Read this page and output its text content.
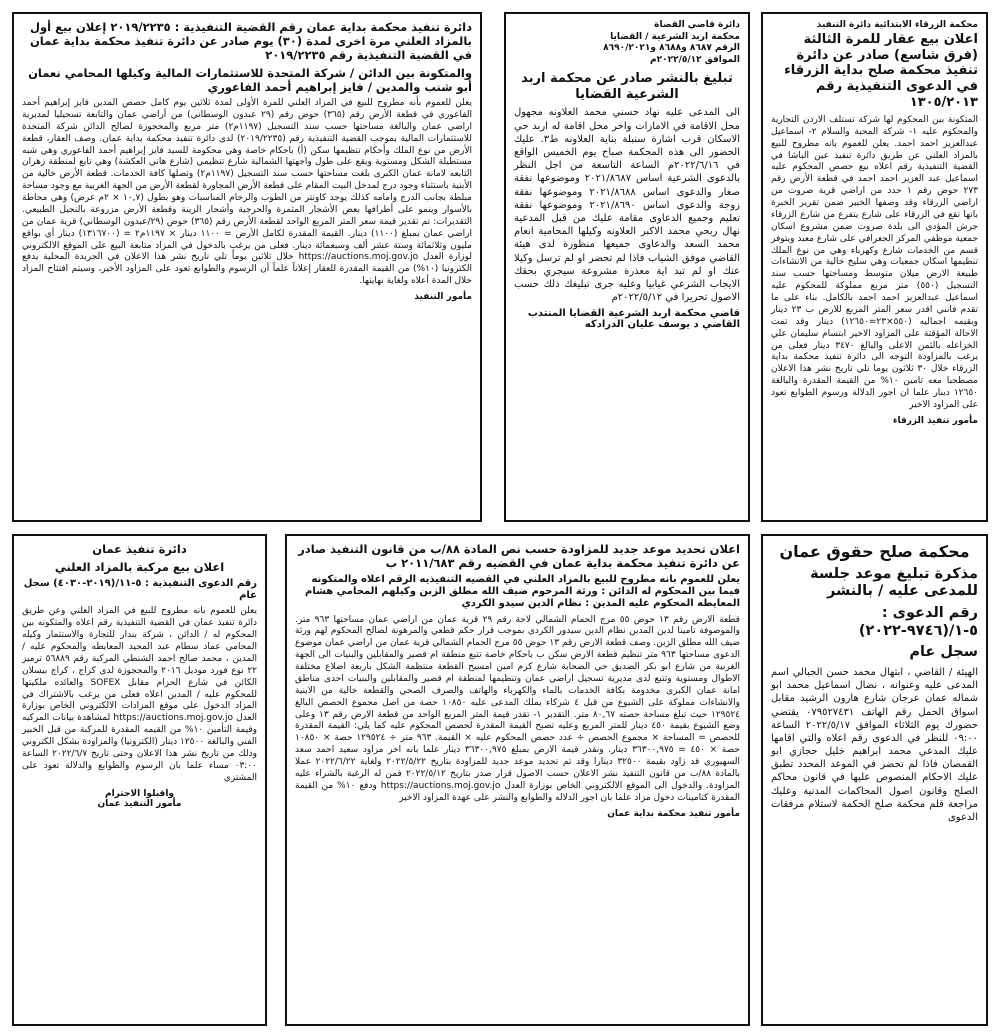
محكمة الزرقاء الابتدائية دائرة التنفيذ
اعلان بيع عقار للمرة الثالثة (فرق شاسع) صادر عن دائرة تنفيذ محكمة صلح بداية الزرقاء في الدعوى التنفيذية رقم ١٣٠٥/٢٠١٣

المتكونة بين المحكوم لها شركة تستلف الاردن التجارية والمحكوم عليه ١- شركة المحبة والسلام ٢- اسماعيل عبدالعزيز احمد احمد. يعلن للعموم بانه مطروح للبيع بالمزاد العلني عن طريق دائرة تنفيذ عين الباشا في القضية التنفيذية رقم اعلاه بيع حصص المحكوم عليه اسماعيل عبد العزيز احمد احمد في قطعة الأرض رقم ٢٧٣ حوض رقم ١ حدد من اراضي قرية صروت من اراضي الزرقاء وقد وصفها الخبير ضمن تقرير الخبرة بانها تقع في الزرقاء على شارع يتفرع من شارع الزرقاء جرش المؤدي الى بلدة صروت ضمن مشروع اسكان جمعية موظفي المركز الجغرافي على شارع معبد ويتوفر قسم من الخدمات شارع وكهرباء وهي من نوع الملك تنظيمها اسكان جمعيات وهي سليخ خالية من الانشاءات طبيعة الارض ميلان متوسط ومساحتها حسب سند التسجيل (٥٥٠) متر مربع مملوكة للمحكوم عليه اسماعيل عبدالعزيز احمد احمد بالكامل. بناء على ما تقدم فانني اقدر سعر المتر المربع للارض ب ٢٣ دينار وبقيمه اجماليه (٥٥٠×٢٣=١٢٦٥٠) دينار وقد تمت الاحالة المؤقتة على المزاود الاخير ابتسام سليمان علي الخزاعله بالثمن الاعلى والبالغ ٣٤٧٠ دينار فعلى من يرغب بالمزاودة التوجه الى دائرة تنفيذ محكمة بداية الزرقاء خلال ٣٠ ثلاثون يوما تلي تاريخ نشر هذا الاعلان مصطحبا معه تامين ١٠% من القيمة المقدرة والبالغة ١٢٦٥٠ دينار علما ان اجور الدلالة ورسوم الطوابع تعود على المزاود الاخير

مأمور تنفيذ الزرقاء
دائرة قاضي القضاة
محكمة اربد الشرعية / القضايا
الرقم ٨٦٨٧ و٨٦٨٨ و٨٦٩٠/٢٠٢١
الموافق ٢٠٢٢/٥/١٢م
تبليغ بالنشر صادر عن محكمة اربد الشرعية القضايا

الى المدعى عليه نهاد حسني محمد العلاونه مجهول محل الاقامة في الامارات واخر محل اقامة له اربد حي الاسكان قرب اشارة سنبلة بناية العلاونه ط٣. عليك الحضور الى هذه المحكمة صباح يوم الخميس الواقع في ٢٠٢٢/٦/١٦م الساعة التاسعة من اجل النظر بالدعوى الشرعية اساس ٢٠٢١/٨٦٨٧ وموضوعها نفقة صغار والدعوى اساس ٢٠٢١/٨٦٨٨ وموضوعها نفقة زوجة والدعوى اساس ٢٠٢١/٨٦٩٠ وموضوعها نفقة تعليم وجميع الدعاوى مقامة عليك من قبل المدعية نهال ربحي محمد الاكبر العلاونه وكيلها المحامية انعام محمد السعد والدعاوى جميعها منظورة لدى هيئة القاضي موفق الشياب فاذا لم تحضر او لم ترسل وكيلا عنك او لم تبد اية معذرة مشروعة سيجري بحقك الايجاب الشرعي غيابيا وعليه جرى تبليغك ذلك حسب الاصول تحريرا في ٢٠٢٢/٥/١٢م

قاضي محكمة اربد الشرعية القضايا المنتدب
القاضي د يوسف عليان الدرادكه
دائرة تنفيذ محكمة بداية عمان رقم القضية التنفيذية : ٢٠١٩/٢٢٣٥ إعلان بيع أول بالمزاد العلني مرة اخرى لمدة (٣٠) يوم صادر عن دائرة تنفيذ محكمة بداية عمان في القضية التنفيذية رقم ٢٠١٩/٢٢٣٥
والمتكونة بين الدائن / شركة المتحدة للاستثمارات المالية وكيلها المحامي نعمان أبو شنب والمدين / فايز إبراهيم أحمد الفاعوري

يعلن للعموم بأنه مطروح للبيع في المزاد العلني للمرة الأولى لمدة ثلاثين يوم كامل حصص المدين فايز إبراهيم أحمد الفاعوري في قطعة الأرض رقم (٣٦٥) حوض رقم (٢٩ عبدون الوسطاني) من أراضي عمان والتابعة تسجيليا لمديرية اراضي عمان والبالغة مساحتها حسب سند التسجيل (١١٩٧م٢) متر مربع والمحجوزة لصالح الدائن شركة المتحدة للاستثمارات المالية بموجب القضية التنفيذية رقم (٢٠١٩/٢٢٣٥) لدى دائرة تنفيذ محكمة بداية عمان. وصف العقار، قطعة الأرض من نوع الملك وأحكام تنظيمها سكن (أ) باحكام خاصة وهي محكومة للسيد فايز إبراهيم أحمد الفاعوري وهي شبه مستطيلة الشكل ومستوية ويقع على طول واجهتها الشمالية شارع تنظيمي (شارع هاني العكشة) وهي تابع لمنطقة زهران التابعه لامانة عمان الكبرى بلغت مساحتها حسب سند التسجيل (١١٩٧م٢) وتصلها كافة الخدمات. قطعة الأرض خالية من الأبنية باستثناء وجود درج لمدخل البيت المقام على قطعة الأرض المجاورة لقطعة الأرض من الجهة الغربية مع وجود مساحة مبلطة بجانب الدرج وامامه كذلك يوجد كاونتر من الطوب والرخام المناسبات وهو بطول (١٠,٧ × ٢م عرض) وهي محاطة بالأسوار وينمو على أطرافها بعض الأشجار المثمرة والحرجية وأشجار الزينة وقطعة الأرض مزروعة بالنجيل الطبيعي. التقديرات: تم تقدير قيمة سعر المتر المربع الواحد لقطعة الأرض رقم (٣٦٥) حوض (٢٩/عبدون الوسطاني) قرية عمان من اراضي عمان بمبلغ (١١٠٠) دينار. القيمة المقدرة لكامل الأرض = ١١٠٠ دينار × ١١٩٧م٢ = (١٣١٦٧٠٠) دينار أي بواقع مليون وثلاثمائة وستة عشر ألف وسبعمائة دينار. فعلى من يرغب بالدخول في المزاد متابعة البيع على الموقع الالكتروني لوزارة العدل https://auctions.moj.gov.jo خلال ثلاثين يوماً تلي تاريخ نشر هذا الاعلان في الجريدة المحلية يدفع الكترونيا (١٠%) من القيمة المقدرة للعقار إعلاناً علماً أن الرسوم والطوابع تعود على المزاود الأخير، وسيتم افتتاح المزاد خلال المدة أعلاه ولغاية نهايتها.

مأمور التنفيذ
محكمة صلح حقوق عمان
مذكرة تبليغ موعد جلسة للمدعى عليه / بالنشر
رقم الدعوى : ٥-١/(٩٧٤٦-٢٠٢٢)
سجل عام

الهيئة / القاضي ، ابتهال محمد حسن الجبالي اسم المدعى عليه وعنوانه ، نضال اسماعيل محمد ابو شماله عمان عرجان شارع هارون الرشيد مقابل اسواق الحمل رقم الهاتف ٠٧٩٥٢٧٤٣١ يقتضي حضورك يوم الثلاثاء الموافق ٢٠٢٢/٥/١٧ الساعة ٠٩:٠٠ للنظر في الدعوى رقم اعلاه والتي اقامها عليك المدعي محمد ابراهيم خليل حجازي ابو القمصان فاذا لم تحضر في الموعد المحدد تطبق عليك الاحكام المنصوص عليها في قانون محاكم الصلح وقانون اصول المحاكمات المدنية وعليك مراجعة قلم محكمة صلح الحكمة لاستلام مرفقات الدعوى

اعلان تحديد موعد جديد للمزاودة حسب نص المادة ٨٨/ب من قانون التنفيذ صادر عن دائرة تنفيذ محكمة بداية عمان في القضيه رقم ٢٠١١/٦٨٣ ب
يعلن للعموم بانه مطروح للبيع بالمزاد العلني في القضيه التنفيذيه الرقم اعلاه والمتكونه فيما بين المحكوم له الدائن : ورثة المرحوم ضيف الله مطلق الزبن وكيلهم المحامي هشام المعايطه المحكوم عليه المدين : نظام الدين سيدو الكردي

قطعة الارض رقم ١٣ حوض ٥٥ مرج الحمام الشمالي لاحة رقم ٢٩ قرية عمان من اراضي عمان مساحتها ٩٦٣ متر. والموصوفة تامينا لدين المدين نظام الدين سيدور الكردي بموجب قرار حكم قطعي والمرهونة لصالح المحكوم لهم ورثة ضيف الله مطلق الزبن. وصف قطعة الارض رقم ١٣ حوض ٥٥ مرج الحمام الشمالي قرية عمان من اراضي عمان موضوع الدعوى مساحتها ٩٦٣ متر تنظيم قطعة الارض سكن ب باحكام خاصة تتبع منطقة ام قصير والمقابلين والبنيات الى الجهة الغربية من شارع ابو بكر الصديق حي الصحابة شارع كرم امين امسيح القطعة منتظمة الشكل باربعة اضلاع مختلفة الاطوال ومستوية وتتبع لدى مديرية تسجيل اراضي عمان وتنظيمها لمنطقة ام قصير والمقابلين والبنيات احدى مناطق امانة عمان الكبرى مخدومة بكافة الخدمات بالماء والكهرباء والهاتف والصرف الصحي والقطعة خالية من الابنية والانشاءات مملوكة على الشيوع من قبل ٤ شركاء يملك المدعى عليه ١٠٨٥٠ حصة من اصل مجموع الحصص البالغ ١٢٩٥٢٤ حيث تبلغ مساحة حصته ٨٠,٦٧ متر. التقدير ١- تقدر قيمة المتر المربع الواحد من قطعة الارض رقم ١٣ وعلى وضع الشيوع بقيمة ٤٥٠ دينار للمتر المربع وعليه تصبح القيمة المقدرة لحصص المحكوم عليه كما يلي: القيمة المقدرة للحصص = المساحة × مجموع الحصص ÷ عدد حصص المحكوم عليه × القيمة. ٩٦٣ متر ÷ ١٢٩٥٢٤ حصة × ١٠٨٥٠ حصة × ٤٥٠ = ٣٦٣٠٠,٩٧٥ دينار. ونقدر قيمة الارض بمبلغ ٣٦٣٠٠,٩٧٥ دينار علما بانه اخر مزاود سعيد احمد سعد السهيوري قد زاود بقيمة ٣٢٥٠٠ دينارا وقد تم تحديد موعد جديد للمزاودة بتاريخ ٢٠٢٢/٥/٢٢ ولغاية ٢٠٢٢/٦/٢٢ عملا بالمادة ٨٨/ب من قانون التنفيذ نشر الاعلان حسب الاصول قرار صدر بتاريخ ٢٠٢٢/٥/١٢ فمن له الرغبة بالشراء عليه المزاودة. والدخول الى الموقع الالكتروني الخاص بوزارة العدل https://auctions.moj.gov.jo ودفع ١٠% من القيمة المقدرة كتامينات دخول مزاد علما بان اجور الدلاله والطوابع والنشر على عهدة المزاود الاخير

مأمور تنفيذ محكمة بداية عمان
دائرة تنفيذ عمان
اعلان بيع مركبة بالمزاد العلني
رقم الدعوى التنفيذية : ٥-١١/(٢٠١٩-٤٠٣٠) سجل عام

يعلن للعموم بانه مطروح للبيع في المزاد العلني وعن طريق دائرة تنفيذ عمان في القضية التنفيذية رقم اعلاه والمتكونه بين المحكوم له / الدائن ، شركة بندار للتجارة والاستثمار وكيله المحامي عماد سطام عبد المجيد المعايطه والمحكوم عليه / المدين ، محمد صالح احمد الشنطي المركبة رقم ٥٦٨٨٩ ترميز ٢٢ نوع فورد موديل ٢٠١٦ والمحجوزة لدى كراج ، كراج بيسلان الكائن في شارع الحزام مقابل SOFEX والعائده ملكيتها للمحكوم عليه / المدين اعلاه فعلى من يرغب بالاشتراك في المزاد الدخول على موقع المزادات الالكتروني الخاص بوزارة العدل https://auctions.moj.gov.jo لمشاهدة بيانات المركبه وقيمة التأمين ١٠% من القيمه المقدرة للمركبة من قبل الخبير الفني والبالغة ١٢٥٠٠ دينار (الكترونيا) والمزاودة بشكل الكتروني وذلك من تاريخ نشر هذا الاعلان وحتى تاريخ ٢٠٢٢/٦/٧ الساعة ٠٣:٠٠ مساء علما بان الرسوم والطوابع والدلالة تعود على المشتري

واقبلوا الاحترام
مأمور التنفيذ عمان
